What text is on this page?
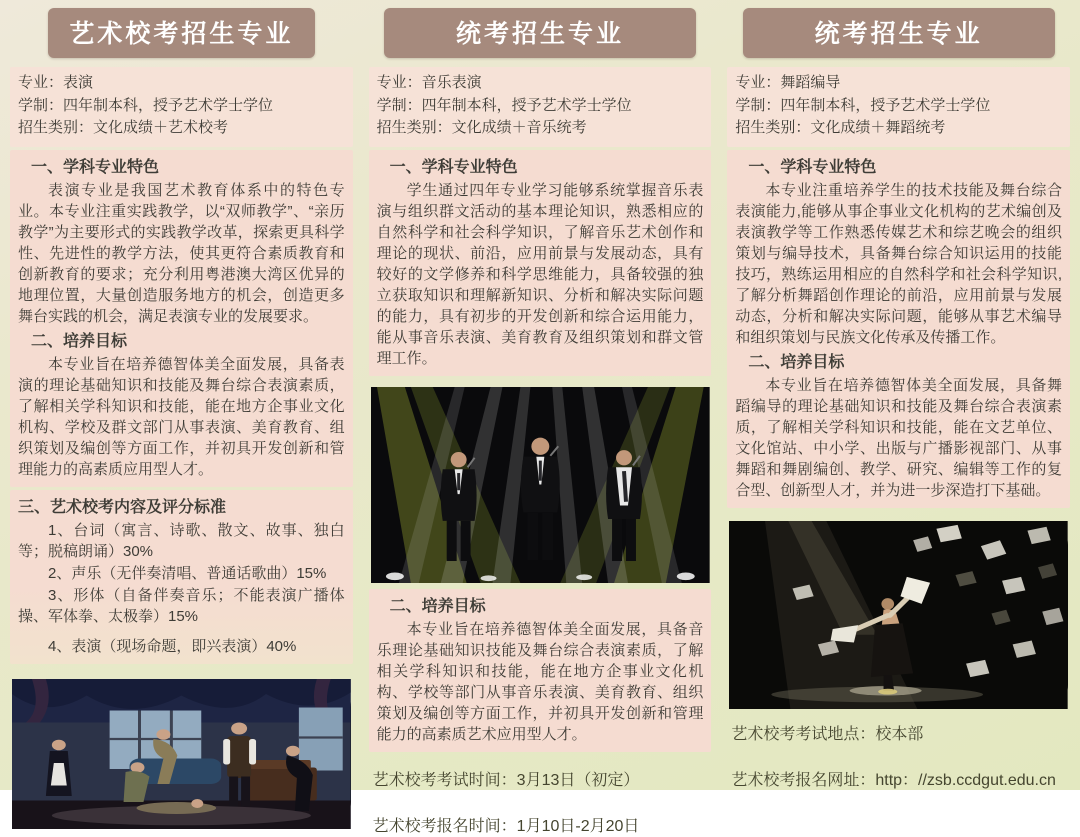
艺术校考招生专业
专业：表演
学制：四年制本科，授予艺术学士学位
招生类别：文化成绩＋艺术校考
一、学科专业特色

表演专业是我国艺术教育体系中的特色专业。本专业注重实践教学，以“双师教学”、“亲历教学”为主要形式的实践教学改革，探索更具科学性、先进性的教学方法，使其更符合素质教育和创新教育的要求；充分利用粤港澳大湾区优异的地理位置，大量创造服务地方的机会，创造更多舞台实践的机会，满足表演专业的发展要求。

二、培养目标

本专业旨在培养德智体美全面发展，具备表演的理论基础知识和技能及舞台综合表演素质，了解相关学科知识和技能，能在地方企事业文化机构、学校及群文部门从事表演、美育教育、组织策划及编创等方面工作，并初具开发创新和管理能力的高素质应用型人才。

三、艺术校考内容及评分标准

1、台词（寓言、诗歌、散文、故事、独白等；脱稿朗诵）30%

2、声乐（无伴奏清唱、普通话歌曲）15%

3、形体（自备伴奏音乐；不能表演广播体操、军体拳、太极拳）15%

4、表演（现场命题，即兴表演）40%

统考招生专业
专业：音乐表演
学制：四年制本科，授予艺术学士学位
招生类别：文化成绩＋音乐统考
一、学科专业特色

学生通过四年专业学习能够系统掌握音乐表演与组织群文活动的基本理论知识，熟悉相应的自然科学和社会科学知识，了解音乐艺术创作和理论的现状、前沿，应用前景与发展动态，具有较好的文学修养和科学思维能力，具备较强的独立获取知识和理解新知识、分析和解决实际问题的能力，具有初步的开发创新和综合运用能力，能从事音乐表演、美育教育及组织策划和群文管理工作。

二、培养目标

本专业旨在培养德智体美全面发展，具备音乐理论基础知识技能及舞台综合表演素质，了解相关学科知识和技能，能在地方企事业文化机构、学校等部门从事音乐表演、美育教育、组织策划及编创等方面工作，并初具开发创新和管理能力的高素质艺术应用型人才。

艺术校考考试时间：3月13日（初定）
艺术校考报名时间：1月10日-2月20日
统考招生专业
专业：舞蹈编导
学制：四年制本科，授予艺术学士学位
招生类别：文化成绩＋舞蹈统考
一、学科专业特色

本专业注重培养学生的技术技能及舞台综合表演能力,能够从事企事业文化机构的艺术编创及表演教学等工作熟悉传媒艺术和综艺晚会的组织策划与编导技术，具备舞台综合知识运用的技能技巧，熟练运用相应的自然科学和社会科学知识,了解分析舞蹈创作理论的前沿，应用前景与发展动态，分析和解决实际问题，能够从事艺术编导和组织策划与民族文化传承及传播工作。

二、培养目标

本专业旨在培养德智体美全面发展，具备舞蹈编导的理论基础知识和技能及舞台综合表演素质，了解相关学科知识和技能，能在文艺单位、文化馆站、中小学、出版与广播影视部门、从事舞蹈和舞剧编创、教学、研究、编辑等工作的复合型、创新型人才，并为进一步深造打下基础。

艺术校考考试地点：校本部
艺术校考报名网址：http：//zsb.ccdgut.edu.cn
